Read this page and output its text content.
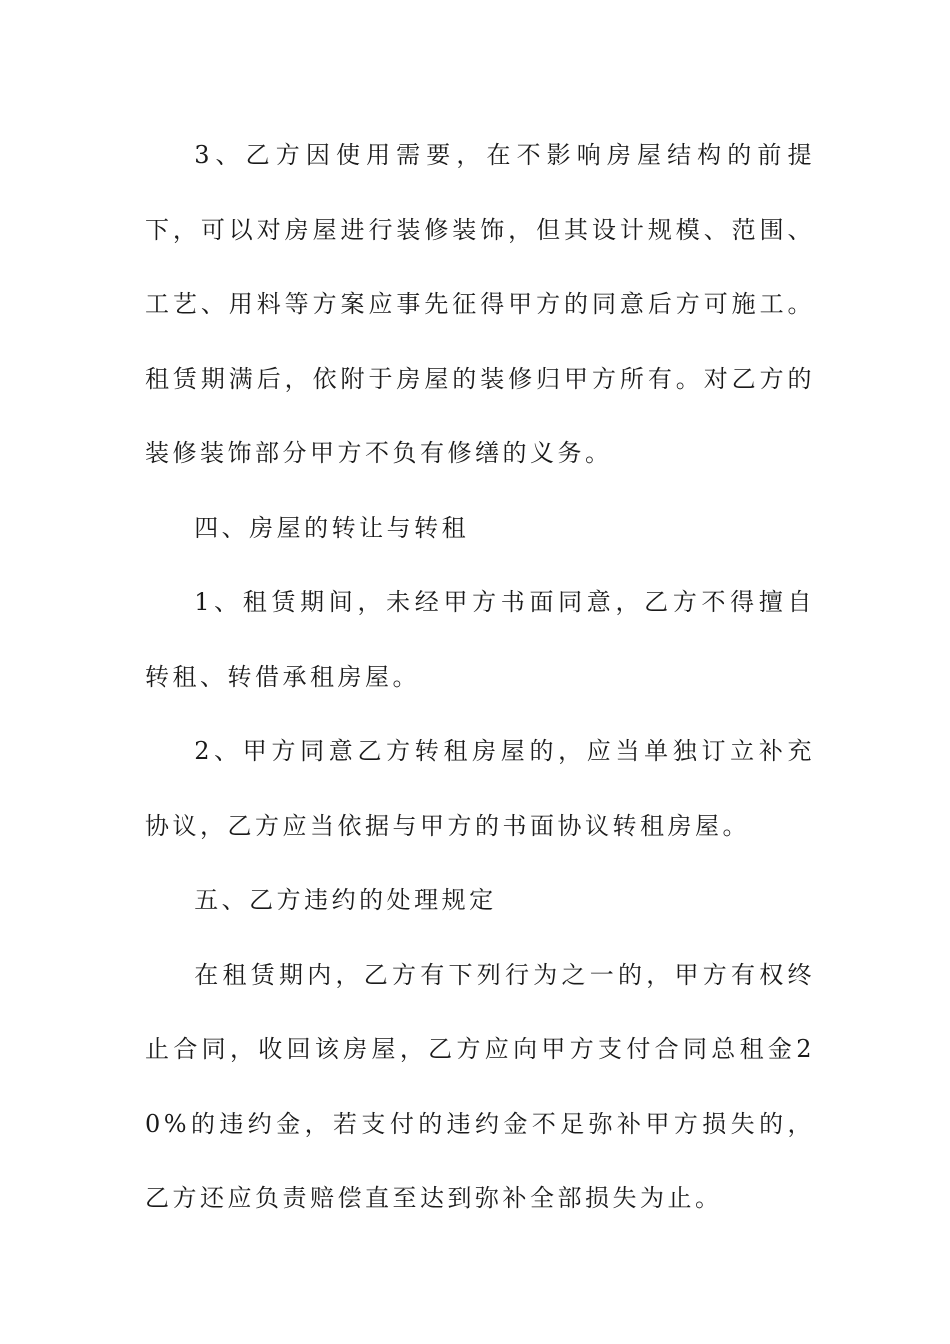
3、乙方因使用需要，在不影响房屋结构的前提下，可以对房屋进行装修装饰，但其设计规模、范围、工艺、用料等方案应事先征得甲方的同意后方可施工。租赁期满后，依附于房屋的装修归甲方所有。对乙方的装修装饰部分甲方不负有修缮的义务。

四、房屋的转让与转租

1、租赁期间，未经甲方书面同意，乙方不得擅自转租、转借承租房屋。

2、甲方同意乙方转租房屋的，应当单独订立补充协议，乙方应当依据与甲方的书面协议转租房屋。

五、乙方违约的处理规定

在租赁期内，乙方有下列行为之一的，甲方有权终止合同，收回该房屋，乙方应向甲方支付合同总租金20%的违约金，若支付的违约金不足弥补甲方损失的，乙方还应负责赔偿直至达到弥补全部损失为止。
